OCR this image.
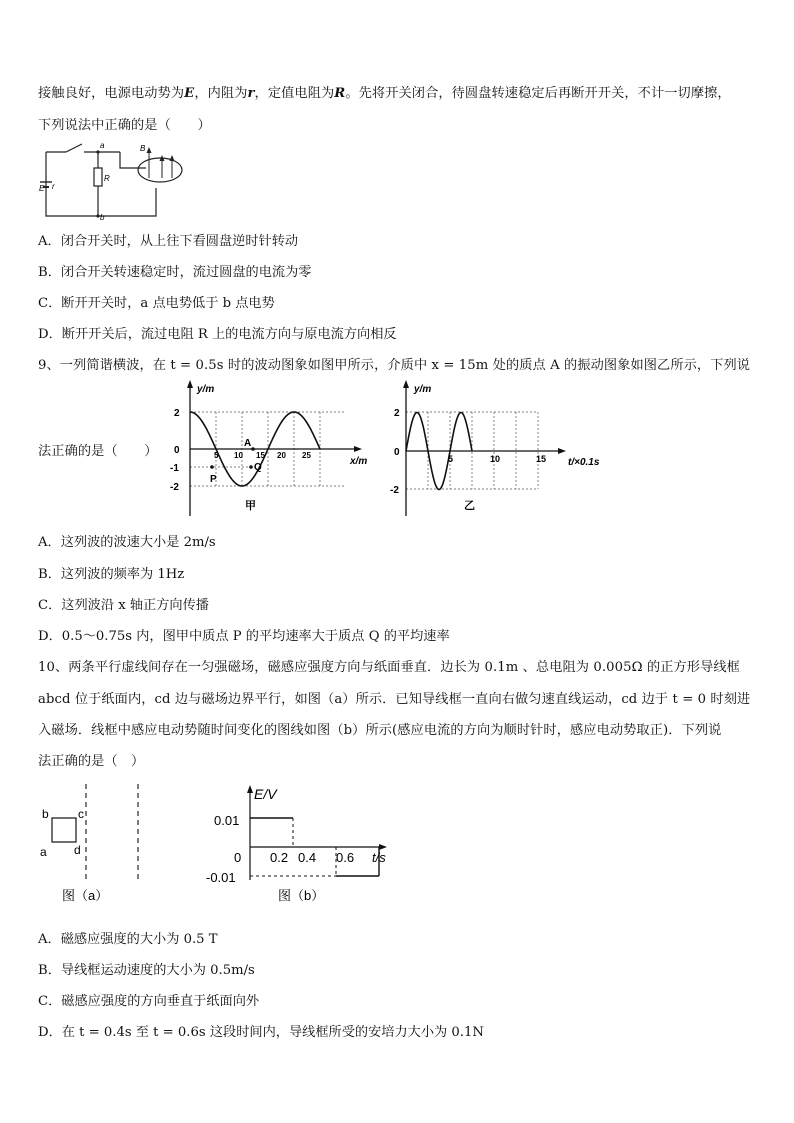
接触良好，电源电动势为E，内阻为r，定值电阻为R。先将开关闭合，待圆盘转速稳定后再断开开关，不计一切摩擦，
下列说法中正确的是（　　）
a
b
R
E r
B
A．闭合开关时，从上往下看圆盘逆时针转动
B．闭合开关转速稳定时，流过圆盘的电流为零
C．断开开关时，a 点电势低于 b 点电势
D．断开开关后，流过电阻 R 上的电流方向与原电流方向相反
9、一列简谐横波，在 t = 0.5s 时的波动图象如图甲所示，介质中 x = 15m 处的质点 A 的振动图象如图乙所示，下列说
法正确的是（　　）
y/m
x/m
2
0
-1
-2
5 10 15 20 25
A
P
Q
甲
y/m
t/×0.1s
2
0
-2
5	10	15
乙
A．这列波的波速大小是 2m/s
B．这列波的频率为 1Hz
C．这列波沿 x 轴正方向传播
D．0.5～0.75s 内，图甲中质点 P 的平均速率大于质点 Q 的平均速率
10、两条平行虚线间存在一匀强磁场，磁感应强度方向与纸面垂直．边长为 0.1m 、总电阻为 0.005Ω 的正方形导线框
abcd 位于纸面内，cd 边与磁场边界平行，如图（a）所示．已知导线框一直向右做匀速直线运动，cd 边于 t = 0 时刻进
入磁场．线框中感应电动势随时间变化的图线如图（b）所示(感应电流的方向为顺时针时，感应电动势取正)．下列说
法正确的是（　）
b c
a d
图（a）
E/V
0.01
0
-0.01
0.2 0.4 0.6 t/s
图（b）
A．磁感应强度的大小为 0.5 T
B．导线框运动速度的大小为 0.5m/s
C．磁感应强度的方向垂直于纸面向外
D．在 t = 0.4s 至 t = 0.6s 这段时间内，导线框所受的安培力大小为 0.1N
